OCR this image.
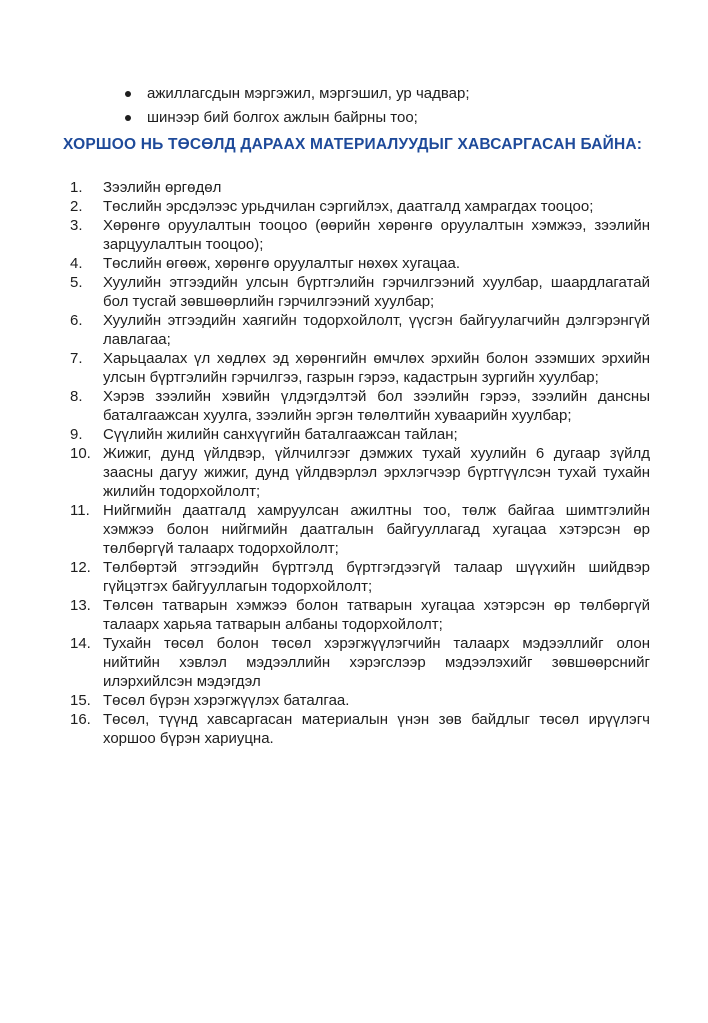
ажиллагсдын мэргэжил, мэргэшил, ур чадвар;
шинээр бий болгох ажлын байрны тоо;
ХОРШОО НЬ ТӨСӨЛД ДАРААХ МАТЕРИАЛУУДЫГ ХАВСАРГАСАН БАЙНА:
1. Зээлийн өргөдөл
2. Төслийн эрсдэлээс урьдчилан сэргийлэх, даатгалд хамрагдах тооцоо;
3. Хөрөнгө оруулалтын тооцоо (өөрийн хөрөнгө оруулалтын хэмжээ, зээлийн зарцуулалтын тооцоо);
4. Төслийн өгөөж, хөрөнгө оруулалтыг нөхөх хугацаа.
5. Хуулийн этгээдийн улсын бүртгэлийн гэрчилгээний хуулбар, шаардлагатай бол тусгай зөвшөөрлийн гэрчилгээний хуулбар;
6. Хуулийн этгээдийн хаягийн тодорхойлолт, үүсгэн байгуулагчийн дэлгэрэнгүй лавлагаа;
7. Харьцаалах үл хөдлөх эд хөрөнгийн өмчлөх эрхийн болон эзэмших эрхийн улсын бүртгэлийн гэрчилгээ, газрын гэрээ, кадастрын зургийн хуулбар;
8. Хэрэв зээлийн хэвийн үлдэгдэлтэй бол зээлийн гэрээ, зээлийн дансны баталгаажсан хуулга, зээлийн эргэн төлөлтийн хуваарийн хуулбар;
9. Сүүлийн жилийн санхүүгийн баталгаажсан тайлан;
10. Жижиг, дунд үйлдвэр, үйлчилгээг дэмжих тухай хуулийн 6 дугаар зүйлд заасны дагуу жижиг, дунд үйлдвэрлэл эрхлэгчээр бүртгүүлсэн тухай тухайн жилийн тодорхойлолт;
11. Нийгмийн даатгалд хамруулсан ажилтны тоо, төлж байгаа шимтгэлийн хэмжээ болон нийгмийн даатгалын байгууллагад хугацаа хэтэрсэн өр төлбөргүй талаарх тодорхойлолт;
12. Төлбөртэй этгээдийн бүртгэлд бүртгэгдээгүй талаар шүүхийн шийдвэр гүйцэтгэх байгууллагын тодорхойлолт;
13. Төлсөн татварын хэмжээ болон татварын хугацаа хэтэрсэн өр төлбөргүй талаарх харьяа татварын албаны тодорхойлолт;
14. Тухайн төсөл болон төсөл хэрэгжүүлэгчийн талаарх мэдээллийг олон нийтийн хэвлэл мэдээллийн хэрэгслээр мэдээлэхийг зөвшөөрснийг илэрхийлсэн мэдэгдэл
15. Төсөл бүрэн хэрэгжүүлэх баталгаа.
16. Төсөл, түүнд хавсаргасан материалын үнэн зөв байдлыг төсөл ирүүлэгч хоршоо бүрэн хариуцна.
